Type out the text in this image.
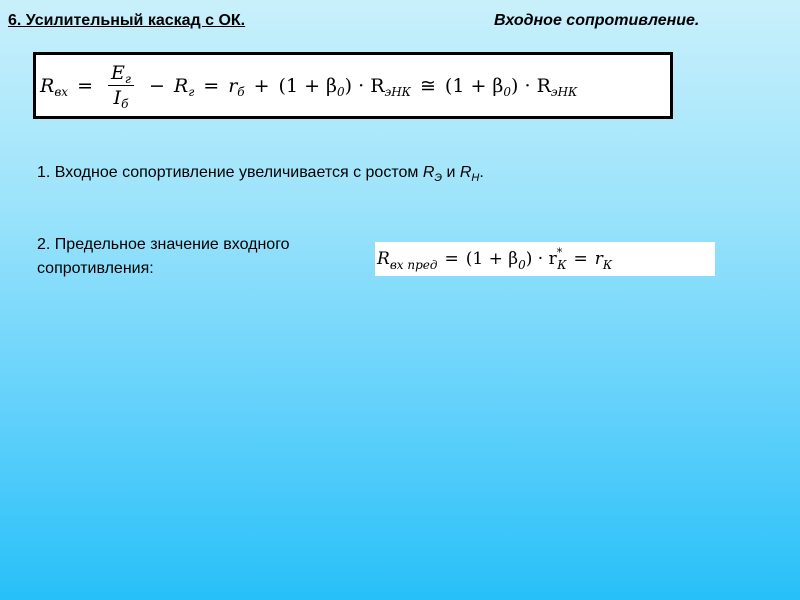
6. Усилительный каскад с ОК.	Входное сопротивление.
R вх = $\frac{E_г}{I_б} - R$ г = r б + (1 + β 0 ) · R эНК ≅ (1 + β 0 ) · R эНК
1. Входное сопортивление увеличивается с ростом $R_Э$ и $R_Н$.
2. Предельное значение входного сопротивления:	R вх пред = (1 + β 0 ) · r *
К = r К
